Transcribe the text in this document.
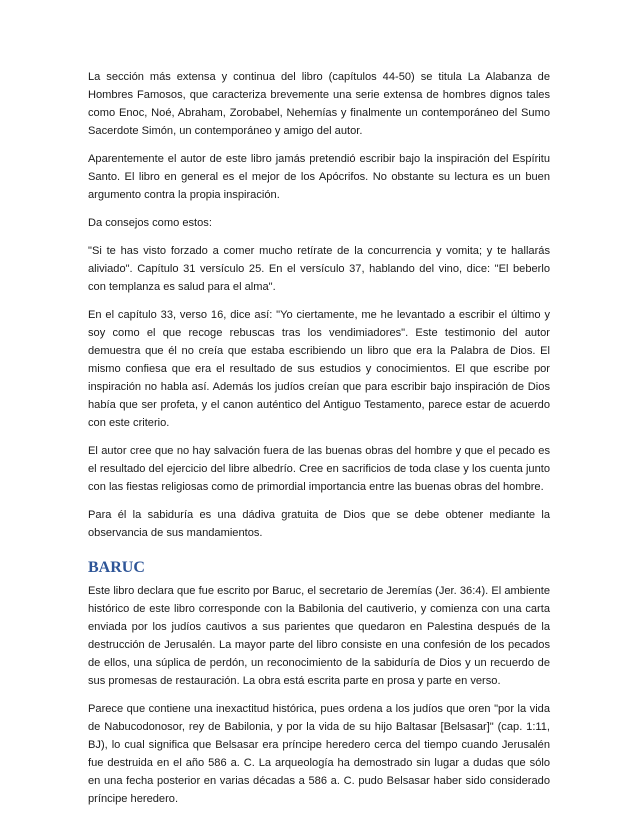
La sección más extensa y continua del libro (capítulos 44-50) se titula La Alabanza de Hombres Famosos, que caracteriza brevemente una serie extensa de hombres dignos tales como Enoc, Noé, Abraham, Zorobabel, Nehemías y finalmente un contemporáneo del Sumo Sacerdote Simón, un contemporáneo y amigo del autor.

Aparentemente el autor de este libro jamás pretendió escribir bajo la inspiración del Espíritu Santo. El libro en general es el mejor de los Apócrifos. No obstante su lectura es un buen argumento contra la propia inspiración.

Da consejos como estos:

"Si te has visto forzado a comer mucho retírate de la concurrencia y vomita; y te hallarás aliviado". Capítulo 31 versículo 25. En el versículo 37, hablando del vino, dice: "El beberlo con templanza es salud para el alma".

En el capítulo 33, verso 16, dice así: "Yo ciertamente, me he levantado a escribir el último y soy como el que recoge rebuscas tras los vendimiadores". Este testimonio del autor demuestra que él no creía que estaba escribiendo un libro que era la Palabra de Dios. El mismo confiesa que era el resultado de sus estudios y conocimientos. El que escribe por inspiración no habla así. Además los judíos creían que para escribir bajo inspiración de Dios había que ser profeta, y el canon auténtico del Antiguo Testamento, parece estar de acuerdo con este criterio.

El autor cree que no hay salvación fuera de las buenas obras del hombre y que el pecado es el resultado del ejercicio del libre albedrío. Cree en sacrificios de toda clase y los cuenta junto con las fiestas religiosas como de primordial importancia entre las buenas obras del hombre.

Para él la sabiduría es una dádiva gratuita de Dios que se debe obtener mediante la observancia de sus mandamientos.

BARUC

Este libro declara que fue escrito por Baruc, el secretario de Jeremías (Jer. 36:4). El ambiente histórico de este libro corresponde con la Babilonia del cautiverio, y comienza con una carta enviada por los judíos cautivos a sus parientes que quedaron en Palestina después de la destrucción de Jerusalén. La mayor parte del libro consiste en una confesión de los pecados de ellos, una súplica de perdón, un reconocimiento de la sabiduría de Dios y un recuerdo de sus promesas de restauración. La obra está escrita parte en prosa y parte en verso.

Parece que contiene una inexactitud histórica, pues ordena a los judíos que oren "por la vida de Nabucodonosor, rey de Babilonia, y por la vida de su hijo Baltasar [Belsasar]" (cap. 1:11, BJ), lo cual significa que Belsasar era príncipe heredero cerca del tiempo cuando Jerusalén fue destruida en el año 586 a. C. La arqueología ha demostrado sin lugar a dudas que sólo en una fecha posterior en varias décadas a 586 a. C. pudo Belsasar haber sido considerado príncipe heredero.
